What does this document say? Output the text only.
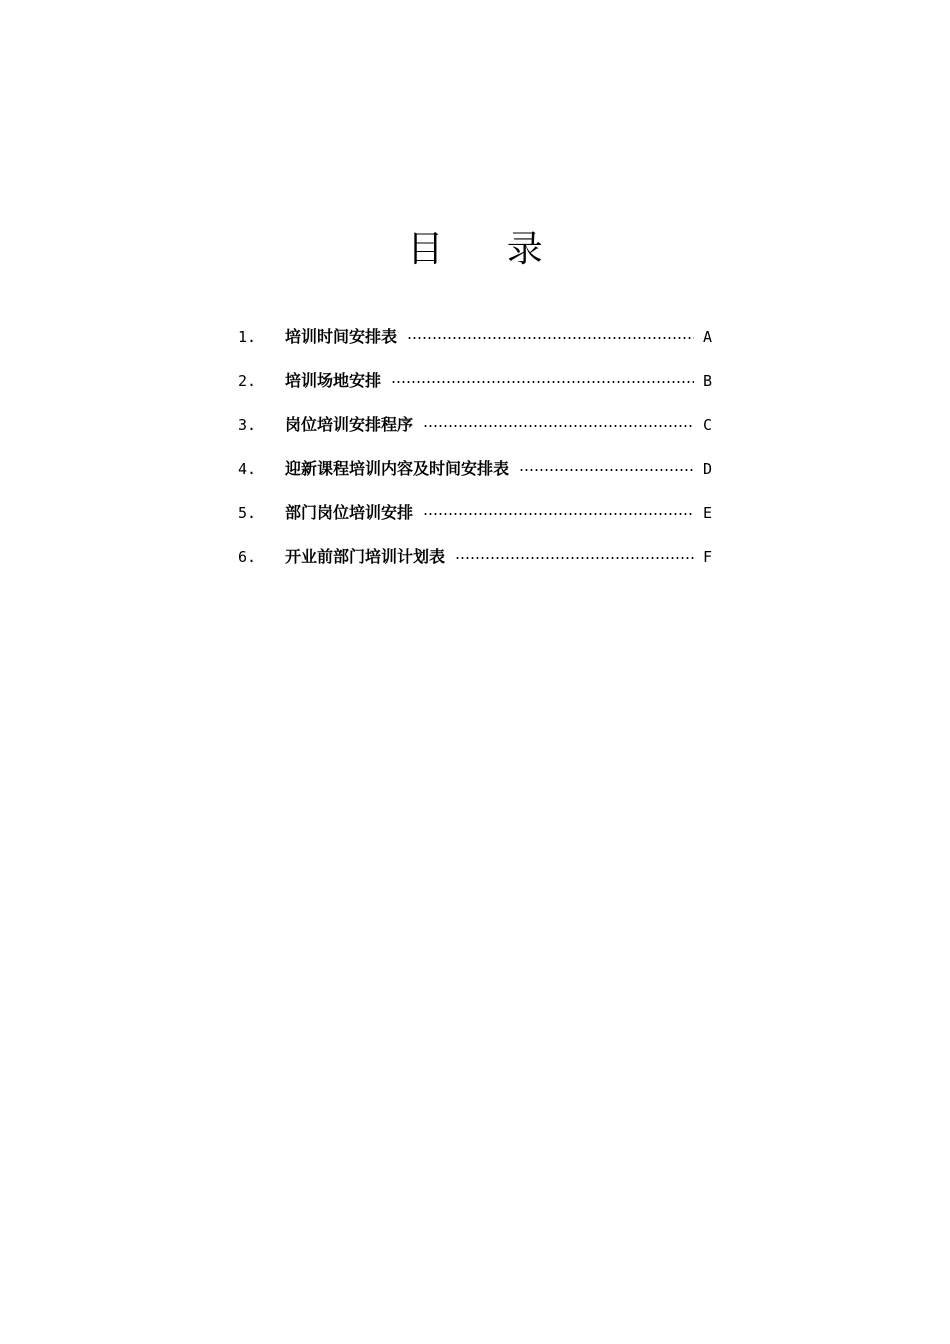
目 录
1.	培训时间安排表	A
2.	培训场地安排	B
3.	岗位培训安排程序	C
4.	迎新课程培训内容及时间安排表	D
5.	部门岗位培训安排	E
6.	开业前部门培训计划表	F
